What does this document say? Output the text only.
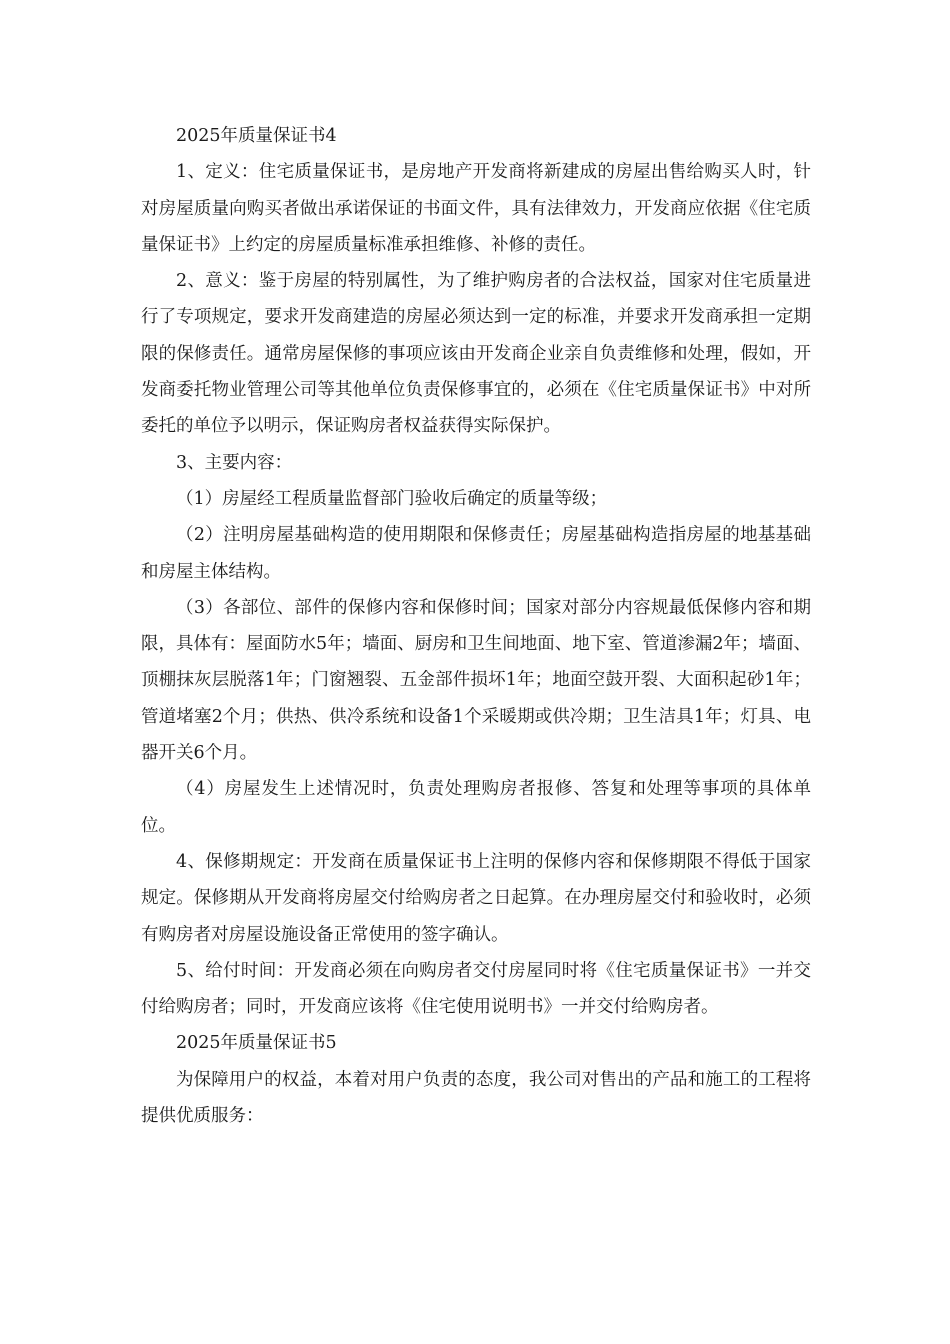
2025年质量保证书4

1、定义：住宅质量保证书，是房地产开发商将新建成的房屋出售给购买人时，针对房屋质量向购买者做出承诺保证的书面文件，具有法律效力，开发商应依据《住宅质量保证书》上约定的房屋质量标准承担维修、补修的责任。

2、意义：鉴于房屋的特别属性，为了维护购房者的合法权益，国家对住宅质量进行了专项规定，要求开发商建造的房屋必须达到一定的标准，并要求开发商承担一定期限的保修责任。通常房屋保修的事项应该由开发商企业亲自负责维修和处理，假如，开发商委托物业管理公司等其他单位负责保修事宜的，必须在《住宅质量保证书》中对所委托的单位予以明示，保证购房者权益获得实际保护。

3、主要内容：

（1）房屋经工程质量监督部门验收后确定的质量等级；

（2）注明房屋基础构造的使用期限和保修责任；房屋基础构造指房屋的地基基础和房屋主体结构。

（3）各部位、部件的保修内容和保修时间；国家对部分内容规最低保修内容和期限，具体有：屋面防水5年；墙面、厨房和卫生间地面、地下室、管道渗漏2年；墙面、顶棚抹灰层脱落1年；门窗翘裂、五金部件损坏1年；地面空鼓开裂、大面积起砂1年；管道堵塞2个月；供热、供冷系统和设备1个采暖期或供冷期；卫生洁具1年；灯具、电器开关6个月。

（4）房屋发生上述情况时，负责处理购房者报修、答复和处理等事项的具体单位。

4、保修期规定：开发商在质量保证书上注明的保修内容和保修期限不得低于国家规定。保修期从开发商将房屋交付给购房者之日起算。在办理房屋交付和验收时，必须有购房者对房屋设施设备正常使用的签字确认。

5、给付时间：开发商必须在向购房者交付房屋同时将《住宅质量保证书》一并交付给购房者；同时，开发商应该将《住宅使用说明书》一并交付给购房者。

2025年质量保证书5

为保障用户的权益，本着对用户负责的态度，我公司对售出的产品和施工的工程将提供优质服务：
